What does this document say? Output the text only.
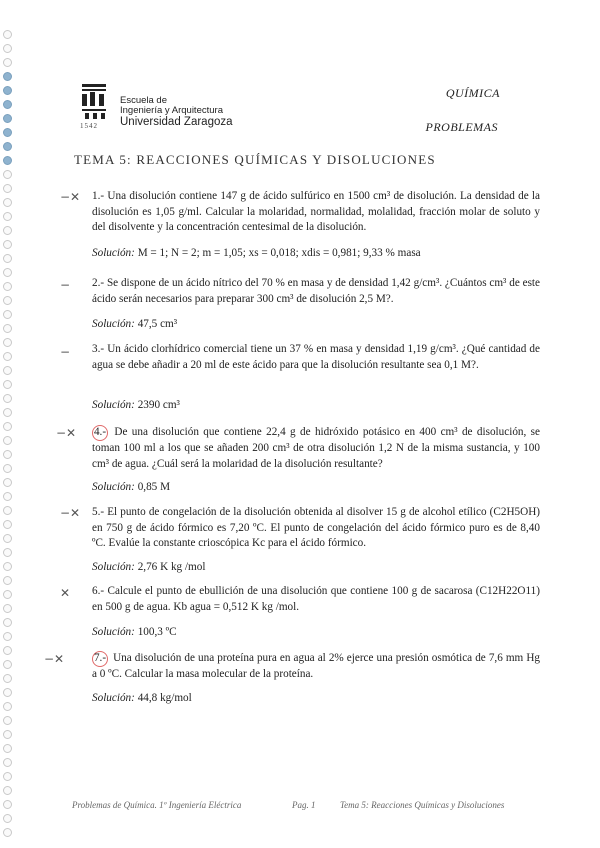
1542
Escuela de
Ingeniería y Arquitectura
Universidad Zaragoza
QUÍMICA
PROBLEMAS
TEMA 5: REACCIONES QUÍMICAS Y DISOLUCIONES
−✕ 1.- Una disolución contiene 147 g de ácido sulfúrico en 1500 cm³ de disolución. La densidad de la disolución es 1,05 g/ml. Calcular la molaridad, normalidad, molalidad, fracción molar de soluto y del disolvente y la concentración centesimal de la disolución.
Solución: M = 1; N = 2; m = 1,05; xs = 0,018; xdis = 0,981; 9,33 % masa
− 2.- Se dispone de un ácido nítrico del 70 % en masa y de densidad 1,42 g/cm³. ¿Cuántos cm³ de este ácido serán necesarios para preparar 300 cm³ de disolución 2,5 M?.
Solución: 47,5 cm³
− 3.- Un ácido clorhídrico comercial tiene un 37 % en masa y densidad 1,19 g/cm³. ¿Qué cantidad de agua se debe añadir a 20 ml de este ácido para que la disolución resultante sea 0,1 M?.
Solución: 2390 cm³
−✕ 4.- De una disolución que contiene 22,4 g de hidróxido potásico en 400 cm³ de disolución, se toman 100 ml a los que se añaden 200 cm³ de otra disolución 1,2 N de la misma sustancia, y 100 cm³ de agua. ¿Cuál será la molaridad de la disolución resultante?
Solución: 0,85 M
−✕ 5.- El punto de congelación de la disolución obtenida al disolver 15 g de alcohol etílico (C2H5OH) en 750 g de ácido fórmico es 7,20 ºC. El punto de congelación del ácido fórmico puro es de 8,40 ºC. Evalúe la constante crioscópica Kc para el ácido fórmico.
Solución: 2,76 K kg /mol
✕ 6.- Calcule el punto de ebullición de una disolución que contiene 100 g de sacarosa (C12H22O11) en 500 g de agua. Kb agua = 0,512 K kg /mol.
Solución: 100,3 ºC
−✕	7.- Una disolución de una proteína pura en agua al 2% ejerce una presión osmótica de 7,6 mm Hg a 0 ºC. Calcular la masa molecular de la proteína.
Solución: 44,8 kg/mol
Problemas de Química. 1º Ingeniería Eléctrica	Pag. 1	Tema 5: Reacciones Químicas y Disoluciones
